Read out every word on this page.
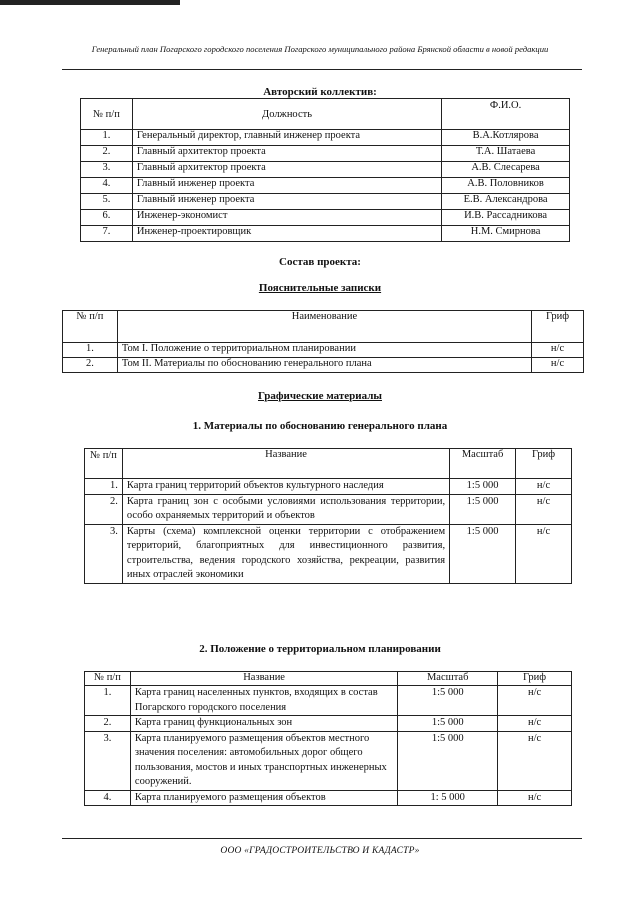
Генеральный план Погарского городского поселения Погарского муниципального района Брянской области в новой редакции
Авторский коллектив:
№ п/п	Должность	Ф.И.О.
1.	Генеральный директор, главный инженер проекта	В.А.Котлярова
2.	Главный архитектор проекта	Т.А. Шатаева
3.	Главный архитектор проекта	А.В. Слесарева
4.	Главный инженер проекта	А.В. Половников
5.	Главный инженер проекта	Е.В. Александрова
6.	Инженер-экономист	И.В. Рассадникова
7.	Инженер-проектировщик	Н.М. Смирнова
Состав проекта:
Пояснительные записки
№ п/п	Наименование	Гриф
1.	Том I. Положение о территориальном планировании	н/с
2.	Том II. Материалы по обоснованию генерального плана	н/с
Графические материалы
1. Материалы по обоснованию генерального плана
№ п/п	Название	Масштаб	Гриф
1.	Карта границ территорий объектов культурного наследия	1:5 000	н/с
2.	Карта границ зон с особыми условиями использования территории, особо охраняемых территорий и объектов	1:5 000	н/с
3.	Карты (схема) комплексной оценки территории с отображением территорий, благоприятных для инвестиционного развития, строительства, ведения городского хозяйства, рекреации, развития иных отраслей экономики	1:5 000	н/с
2. Положение о территориальном планировании
№ п/п	Название	Масштаб	Гриф
1.	Карта границ населенных пунктов, входящих в состав Погарского городского поселения	1:5 000	н/с
2.	Карта границ функциональных зон	1:5 000	н/с
3.	Карта планируемого размещения объектов местного значения поселения: автомобильных дорог общего пользования, мостов и иных транспортных инженерных сооружений.	1:5 000	н/с
4.	Карта планируемого размещения объектов	1: 5 000	н/с
ООО «ГРАДОСТРОИТЕЛЬСТВО И КАДАСТР»
